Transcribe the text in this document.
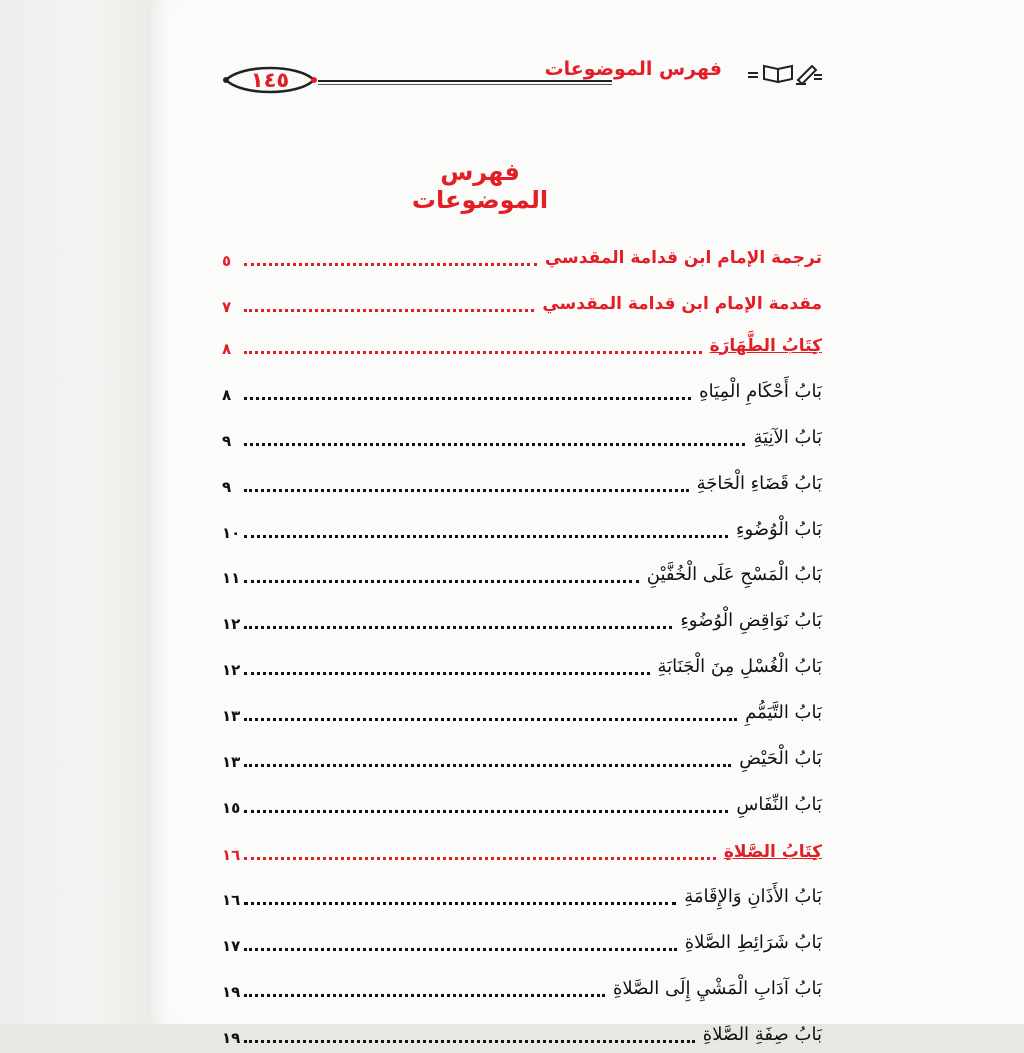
١٤٥	فهرس الموضوعات
فهرس الموضوعات
ترجمة الإمام ابن قدامة المقدسي
٥
مقدمة الإمام ابن قدامة المقدسي
٧
كِتَابُ الطَّهَارَة
٨
بَابُ أَحْكَامِ الْمِيَاهِ
٨
بَابُ الآنِيَةِ
٩
بَابُ قَضَاءِ الْحَاجَةِ
٩
بَابُ الْوُضُوءِ
١٠
بَابُ الْمَسْحِ عَلَى الْخُفَّيْنِ
١١
بَابُ نَوَاقِضِ الْوُضُوءِ
١٢
بَابُ الْغُسْلِ مِنَ الْجَنَابَةِ
١٢
بَابُ التَّيَمُّمِ
١٣
بَابُ الْحَيْضِ
١٣
بَابُ النِّفَاسِ
١٥
كِتَابُ الصَّلاةِ
١٦
بَابُ الأَذَانِ وَالإِقَامَةِ
١٦
بَابُ شَرَائِطِ الصَّلاةِ
١٧
بَابُ آدَابِ الْمَشْيِ إِلَى الصَّلاةِ
١٩
بَابُ صِفَةِ الصَّلاةِ
١٩
